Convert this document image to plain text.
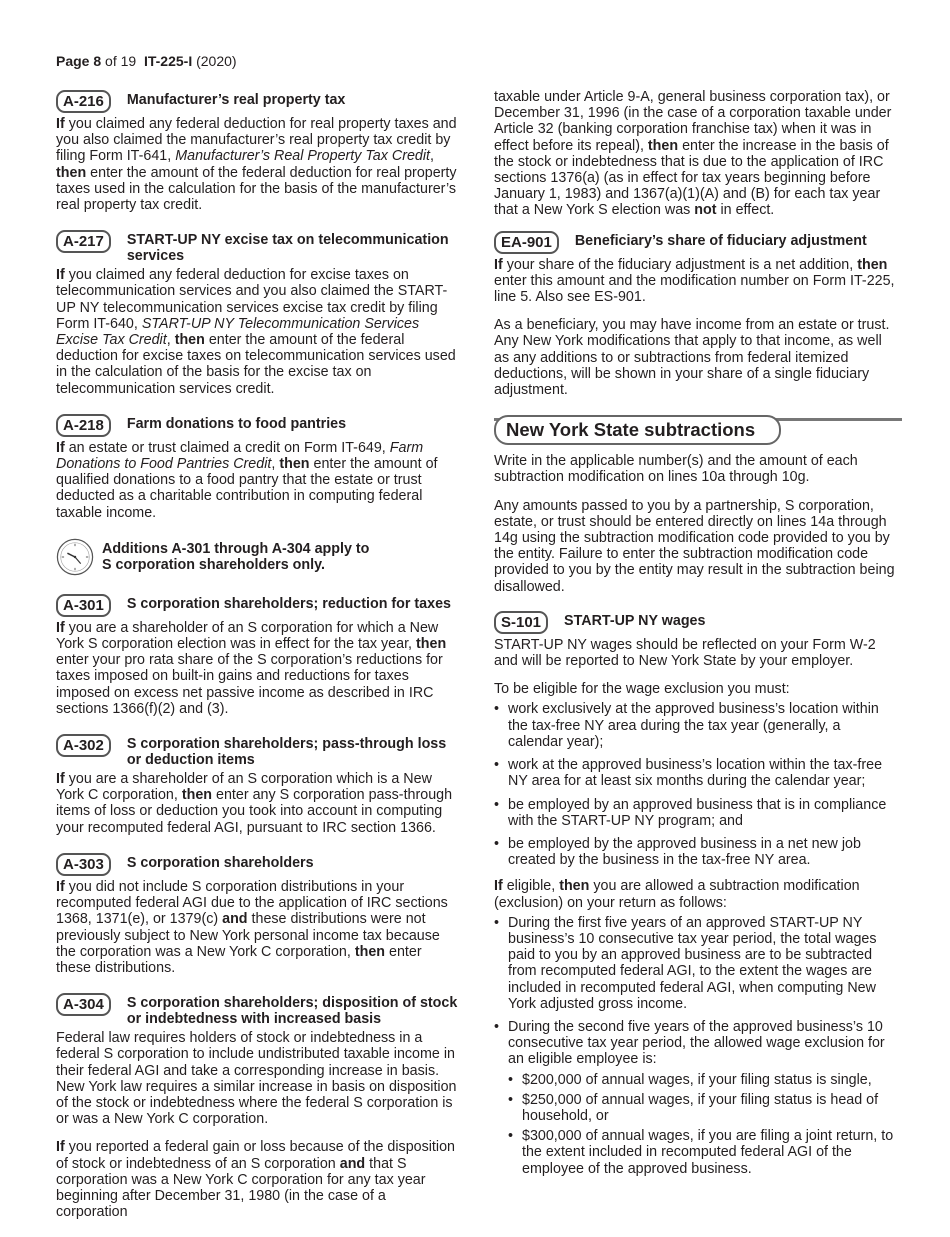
Page 8 of 19 IT-225-I (2020)
A-216	Manufacturer’s real property tax

If you claimed any federal deduction for real property taxes and you also claimed the manufacturer’s real property tax credit by filing Form IT-641, Manufacturer’s Real Property Tax Credit, then enter the amount of the federal deduction for real property taxes used in the calculation for the basis of the manufacturer’s real property tax credit.

A-217	START-UP NY excise tax on telecommunication services

If you claimed any federal deduction for excise taxes on telecommunication services and you also claimed the START-UP NY telecommunication services excise tax credit by filing Form IT-640, START-UP NY Telecommunication Services Excise Tax Credit, then enter the amount of the federal deduction for excise taxes on telecommunication services used in the calculation of the basis for the excise tax on telecommunication services credit.

A-218	Farm donations to food pantries

If an estate or trust claimed a credit on Form IT-649, Farm Donations to Food Pantries Credit, then enter the amount of qualified donations to a food pantry that the estate or trust deducted as a charitable contribution in computing federal taxable income.

Additions A-301 through A-304 apply to
S corporation shareholders only.
A-301	S corporation shareholders; reduction for taxes

If you are a shareholder of an S corporation for which a New York S corporation election was in effect for the tax year, then enter your pro rata share of the S corporation’s reductions for taxes imposed on built-in gains and reductions for taxes imposed on excess net passive income as described in IRC sections 1366(f)(2) and (3).

A-302	S corporation shareholders; pass-through loss or deduction items

If you are a shareholder of an S corporation which is a New York C corporation, then enter any S corporation pass-through items of loss or deduction you took into account in computing your recomputed federal AGI, pursuant to IRC section 1366.

A-303	S corporation shareholders

If you did not include S corporation distributions in your recomputed federal AGI due to the application of IRC sections 1368, 1371(e), or 1379(c) and these distributions were not previously subject to New York personal income tax because the corporation was a New York C corporation, then enter these distributions.

A-304	S corporation shareholders; disposition of stock or indebtedness with increased basis

Federal law requires holders of stock or indebtedness in a federal S corporation to include undistributed taxable income in their federal AGI and take a corresponding increase in basis. New York law requires a similar increase in basis on disposition of the stock or indebtedness where the federal S corporation is or was a New York C corporation.

If you reported a federal gain or loss because of the disposition of stock or indebtedness of an S corporation and that S corporation was a New York C corporation for any tax year beginning after December 31, 1980 (in the case of a corporation

taxable under Article 9-A, general business corporation tax), or December 31, 1996 (in the case of a corporation taxable under Article 32 (banking corporation franchise tax) when it was in effect before its repeal), then enter the increase in the basis of the stock or indebtedness that is due to the application of IRC sections 1376(a) (as in effect for tax years beginning before January 1, 1983) and 1367(a)(1)(A) and (B) for each tax year that a New York S election was not in effect.

EA-901	Beneficiary’s share of fiduciary adjustment

If your share of the fiduciary adjustment is a net addition, then enter this amount and the modification number on Form IT-225, line 5. Also see ES-901.

As a beneficiary, you may have income from an estate or trust. Any New York modifications that apply to that income, as well as any additions to or subtractions from federal itemized deductions, will be shown in your share of a single fiduciary adjustment.

New York State subtractions

Write in the applicable number(s) and the amount of each subtraction modification on lines 10a through 10g.

Any amounts passed to you by a partnership, S corporation, estate, or trust should be entered directly on lines 14a through 14g using the subtraction modification code provided to you by the entity. Failure to enter the subtraction modification code provided to you by the entity may result in the subtraction being disallowed.

S-101	START-UP NY wages

START-UP NY wages should be reflected on your Form W-2 and will be reported to New York State by your employer.

To be eligible for the wage exclusion you must:

• work exclusively at the approved business’s location within the tax-free NY area during the tax year (generally, a calendar year);
• work at the approved business’s location within the tax-free NY area for at least six months during the calendar year;
• be employed by an approved business that is in compliance with the START-UP NY program; and
• be employed by the approved business in a net new job created by the business in the tax-free NY area.

If eligible, then you are allowed a subtraction modification (exclusion) on your return as follows:

• During the first five years of an approved START-UP NY business’s 10 consecutive tax year period, the total wages paid to you by an approved business are to be subtracted from recomputed federal AGI, to the extent the wages are included in recomputed federal AGI, when computing New York adjusted gross income.
• During the second five years of the approved business’s 10 consecutive tax year period, the allowed wage exclusion for an eligible employee is:
• $200,000 of annual wages, if your filing status is single,
• $250,000 of annual wages, if your filing status is head of household, or
• $300,000 of annual wages, if you are filing a joint return, to the extent included in recomputed federal AGI of the employee of the approved business.
